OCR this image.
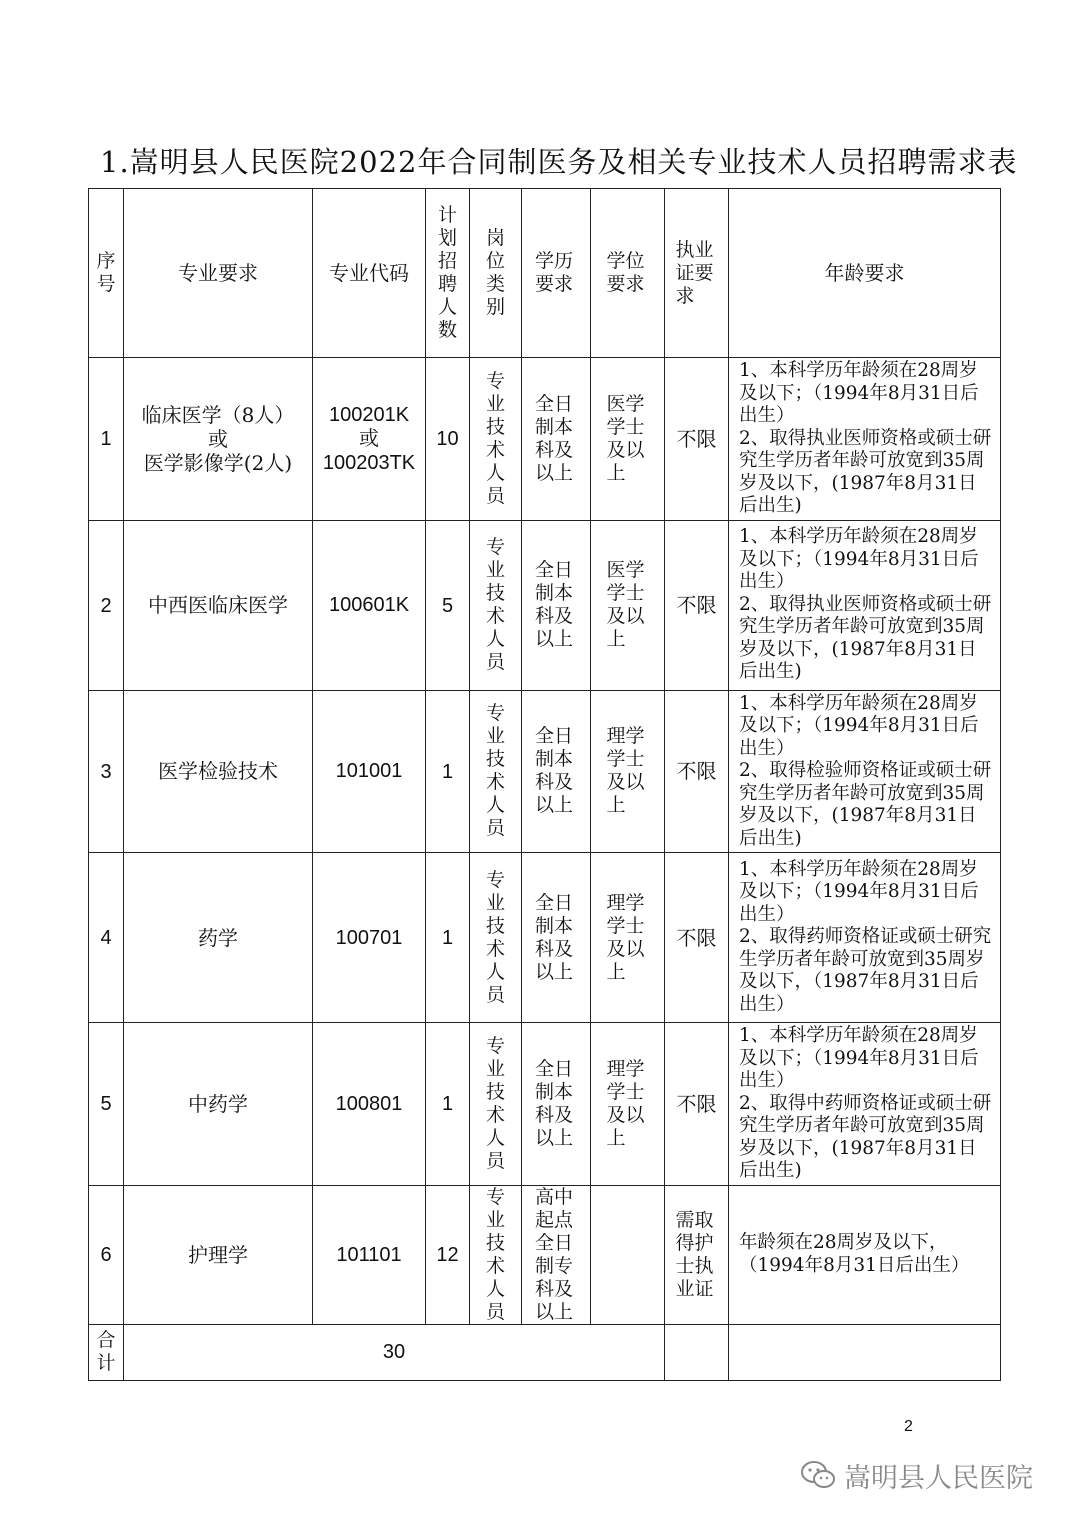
1.嵩明县人民医院2022年合同制医务及相关专业技术人员招聘需求表
序号	专业要求	专业代码	计划招聘人数	岗位类别	学历要求	学位要求	执业证要求	年龄要求
1	临床医学（8人）
或
医学影像学(2人)	100201K
或
100203TK	10	专业技术人员	全日制本科及以上	医学学士及以上	不限	1、本科学历年龄须在28周岁及以下；（1994年8月31日后出生）
2、取得执业医师资格或硕士研究生学历者年龄可放宽到35周岁及以下，(1987年8月31日后出生)
2	中西医临床医学	100601K	5	专业技术人员	全日制本科及以上	医学学士及以上	不限	1、本科学历年龄须在28周岁及以下；（1994年8月31日后出生）
2、取得执业医师资格或硕士研究生学历者年龄可放宽到35周岁及以下，(1987年8月31日后出生)
3	医学检验技术	101001	1	专业技术人员	全日制本科及以上	理学学士及以上	不限	1、本科学历年龄须在28周岁及以下；（1994年8月31日后出生）
2、取得检验师资格证或硕士研究生学历者年龄可放宽到35周岁及以下，(1987年8月31日后出生)
4	药学	100701	1	专业技术人员	全日制本科及以上	理学学士及以上	不限	1、本科学历年龄须在28周岁及以下；（1994年8月31日后出生）
2、取得药师资格证或硕士研究生学历者年龄可放宽到35周岁及以下，（1987年8月31日后出生）
5	中药学	100801	1	专业技术人员	全日制本科及以上	理学学士及以上	不限	1、本科学历年龄须在28周岁及以下；（1994年8月31日后出生）
2、取得中药师资格证或硕士研究生学历者年龄可放宽到35周岁及以下，(1987年8月31日后出生)
6	护理学	101101	12	专业技术人员	高中起点全日制专科及以上		需取得护士执业证	年龄须在28周岁及以下，（1994年8月31日后出生）
合计	30							
2
嵩明县人民医院
